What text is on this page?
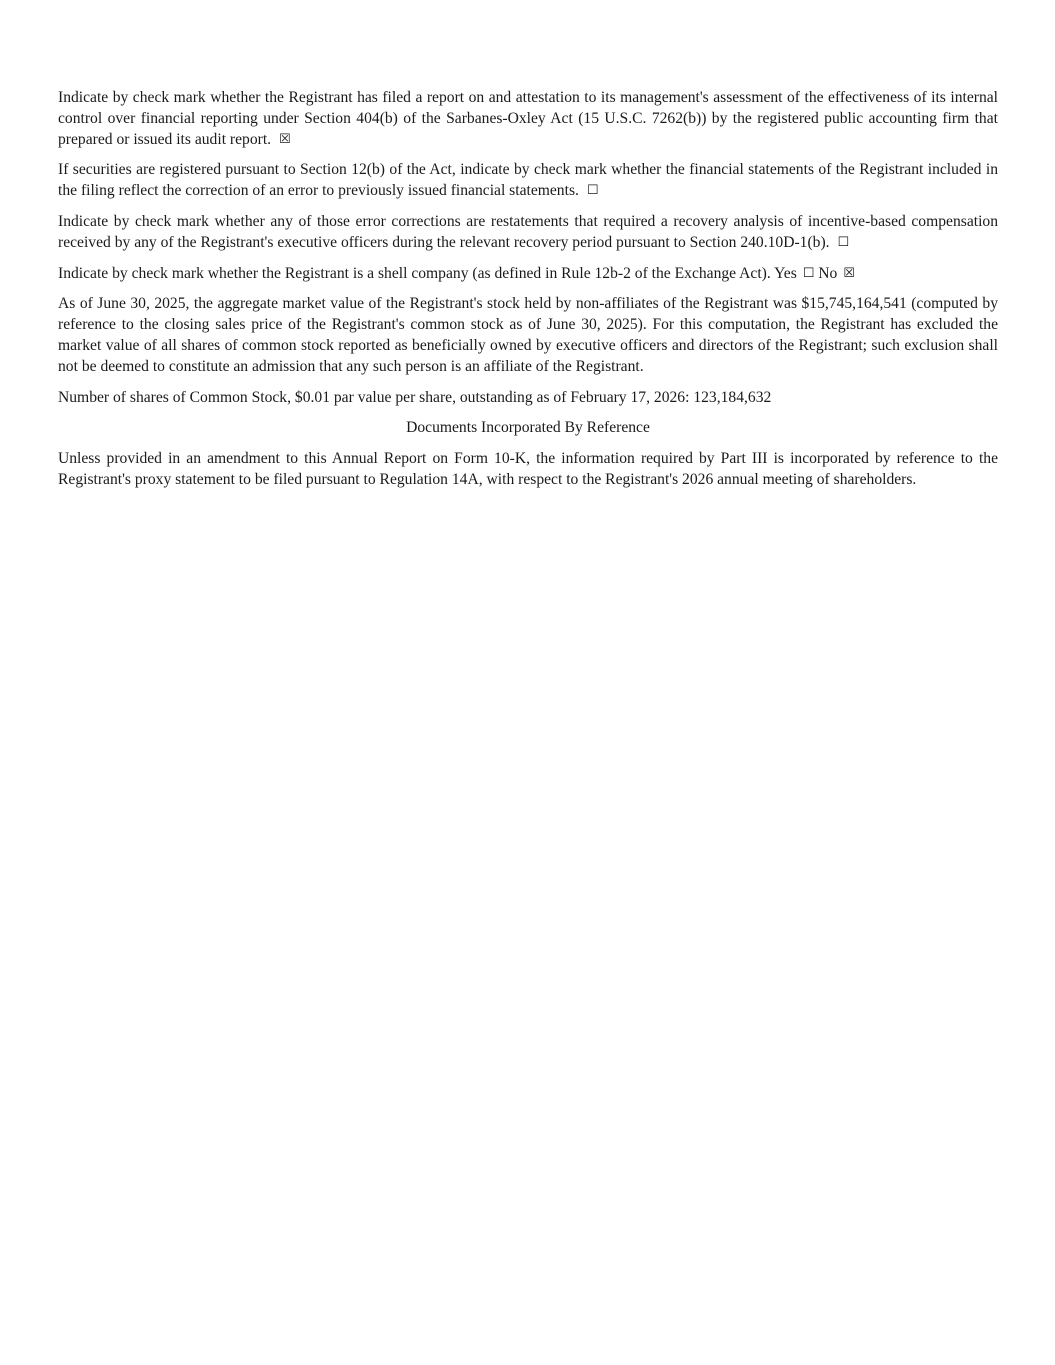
Indicate by check mark whether the Registrant has filed a report on and attestation to its management's assessment of the effectiveness of its internal control over financial reporting under Section 404(b) of the Sarbanes-Oxley Act (15 U.S.C. 7262(b)) by the registered public accounting firm that prepared or issued its audit report. ☒

If securities are registered pursuant to Section 12(b) of the Act, indicate by check mark whether the financial statements of the Registrant included in the filing reflect the correction of an error to previously issued financial statements. ☐

Indicate by check mark whether any of those error corrections are restatements that required a recovery analysis of incentive-based compensation received by any of the Registrant's executive officers during the relevant recovery period pursuant to Section 240.10D-1(b). ☐

Indicate by check mark whether the Registrant is a shell company (as defined in Rule 12b-2 of the Exchange Act). Yes ☐ No ☒

As of June 30, 2025, the aggregate market value of the Registrant's stock held by non-affiliates of the Registrant was $15,745,164,541 (computed by reference to the closing sales price of the Registrant's common stock as of June 30, 2025). For this computation, the Registrant has excluded the market value of all shares of common stock reported as beneficially owned by executive officers and directors of the Registrant; such exclusion shall not be deemed to constitute an admission that any such person is an affiliate of the Registrant.

Number of shares of Common Stock, $0.01 par value per share, outstanding as of February 17, 2026: 123,184,632

Documents Incorporated By Reference

Unless provided in an amendment to this Annual Report on Form 10-K, the information required by Part III is incorporated by reference to the Registrant's proxy statement to be filed pursuant to Regulation 14A, with respect to the Registrant's 2026 annual meeting of shareholders.
